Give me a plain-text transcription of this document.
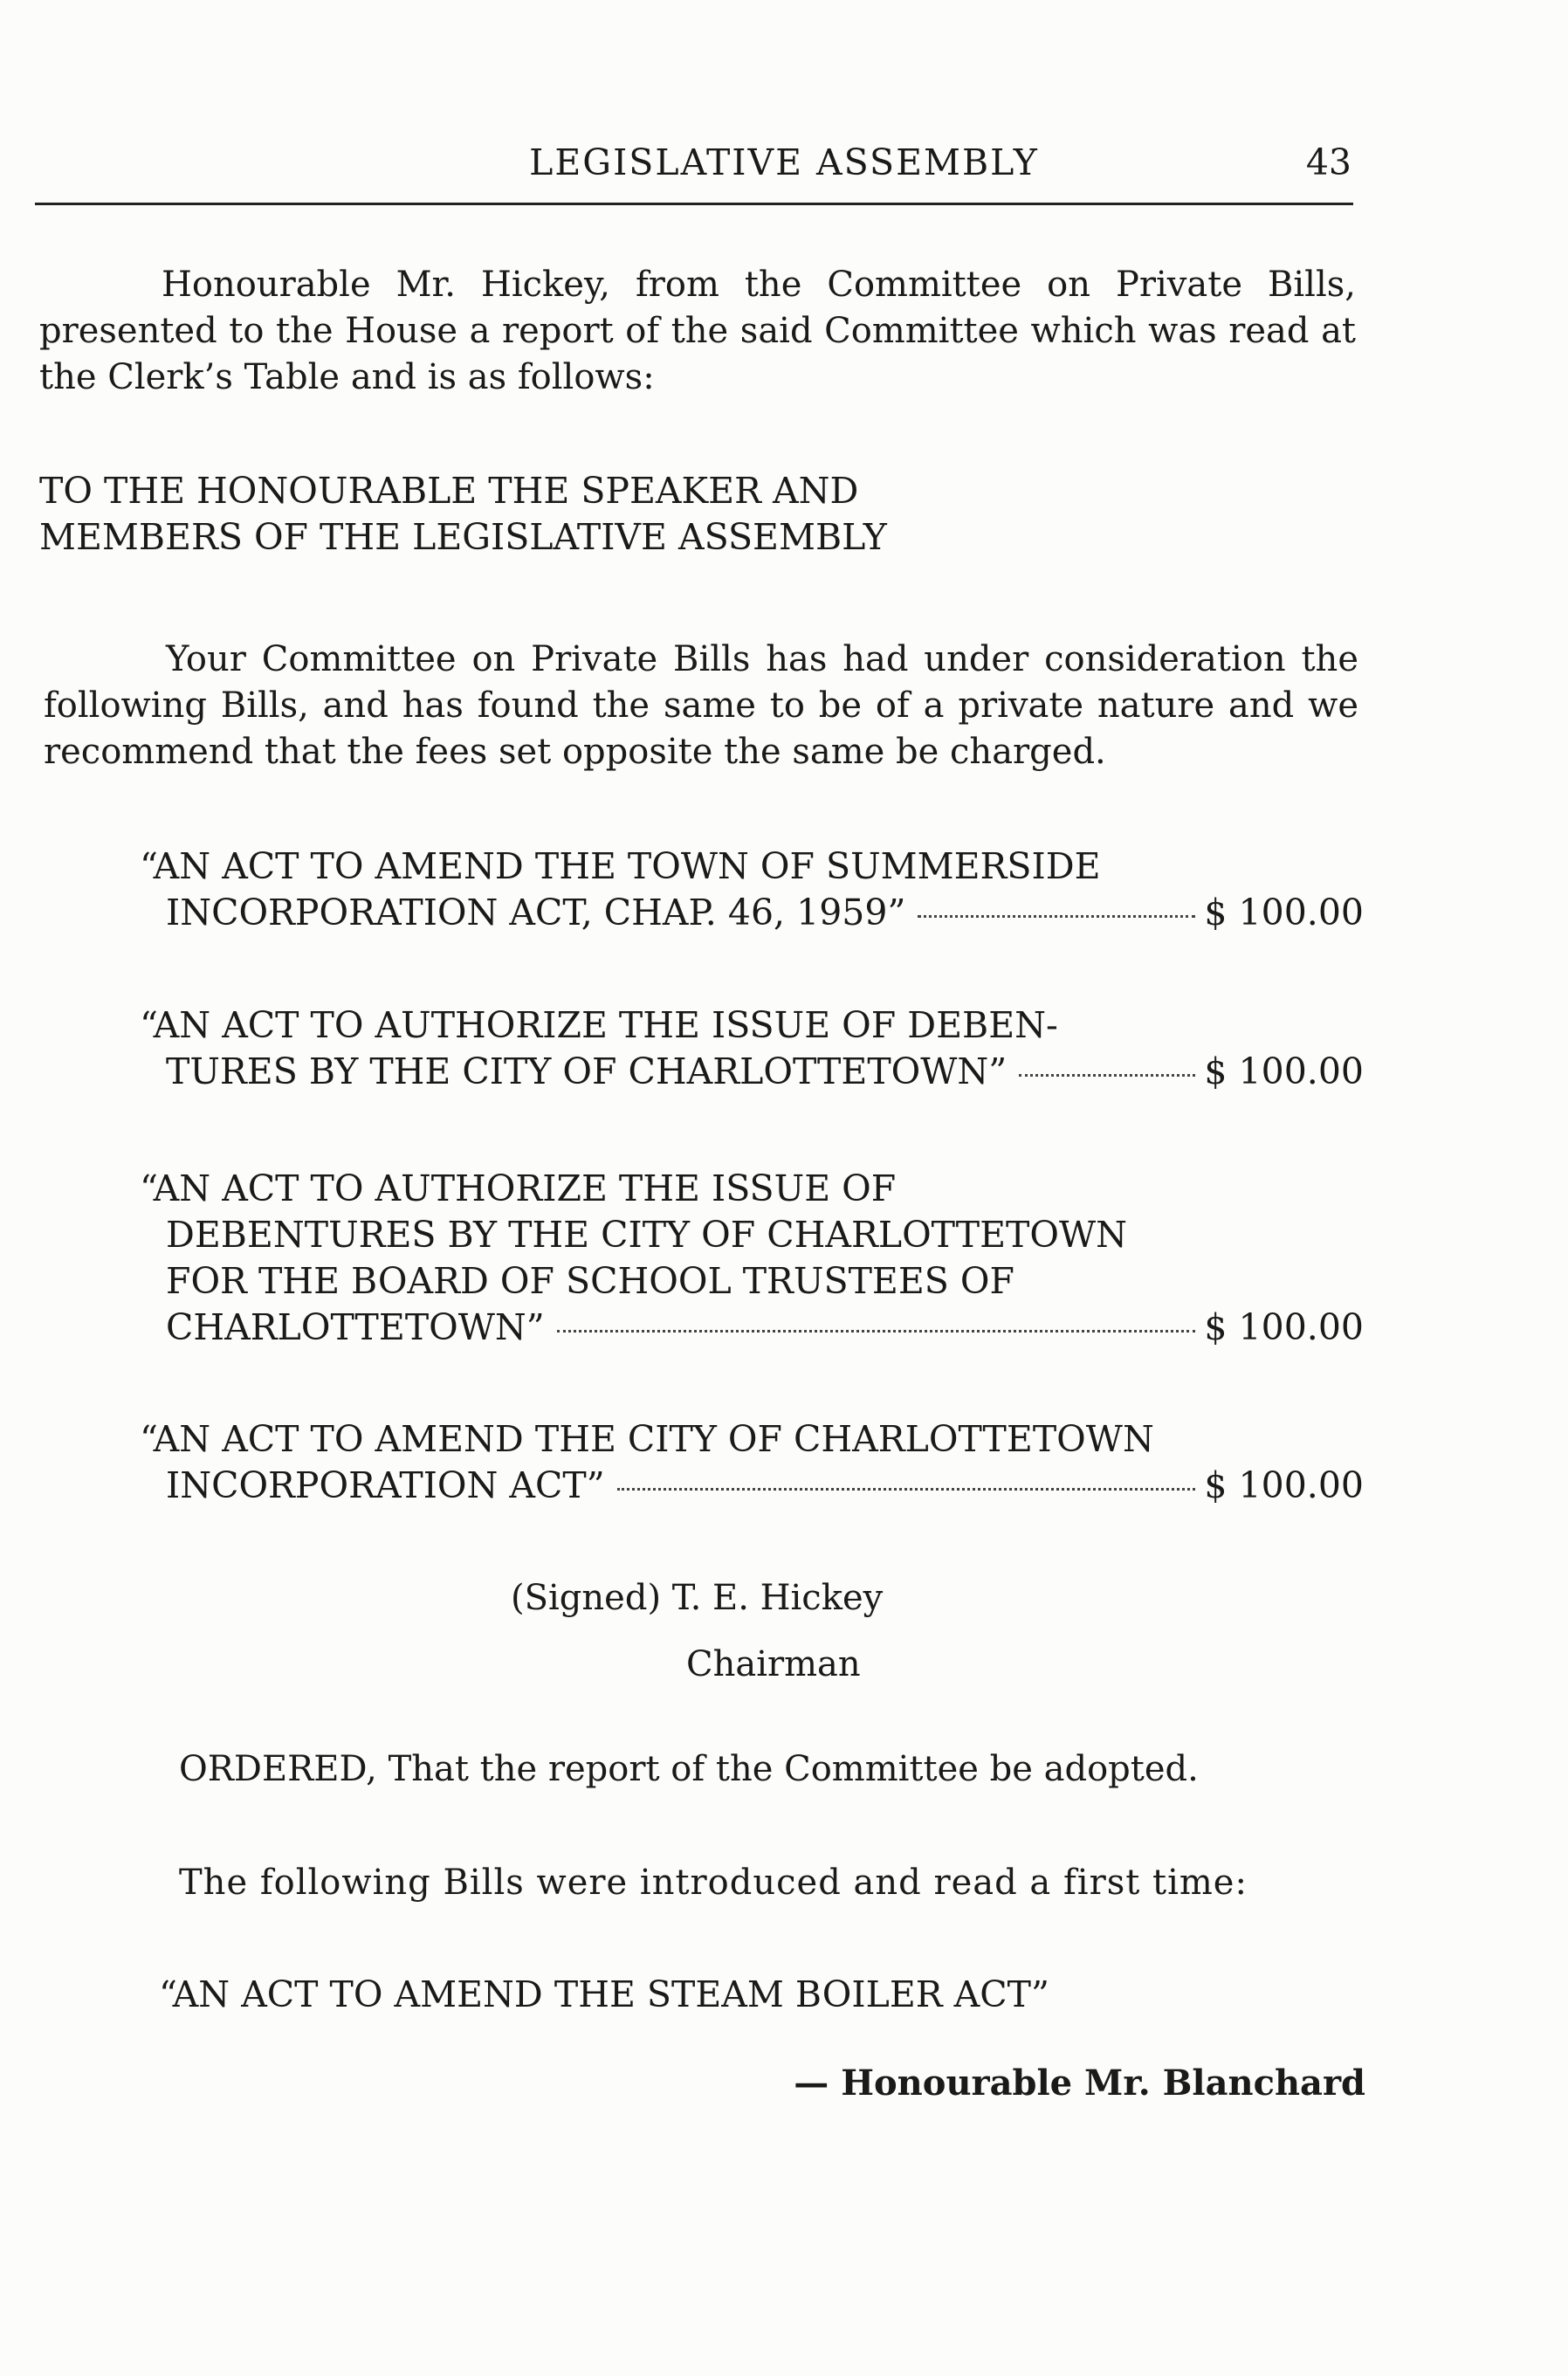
LEGISLATIVE ASSEMBLY	43
Honourable Mr. Hickey, from the Committee on Private Bills, presented to the House a report of the said Committee which was read at the Clerk’s Table and is as follows:
TO THE HONOURABLE THE SPEAKER AND
MEMBERS OF THE LEGISLATIVE ASSEMBLY
Your Committee on Private Bills has had under consideration the following Bills, and has found the same to be of a private nature and we recommend that the fees set opposite the same be charged.
“AN ACT TO AMEND THE TOWN OF SUMMERSIDE
INCORPORATION ACT, CHAP. 46, 1959”	$ 100.00
“AN ACT TO AUTHORIZE THE ISSUE OF DEBEN-
TURES BY THE CITY OF CHARLOTTETOWN”	$ 100.00
“AN ACT TO AUTHORIZE THE ISSUE OF
DEBENTURES BY THE CITY OF CHARLOTTETOWN
FOR THE BOARD OF SCHOOL TRUSTEES OF
CHARLOTTETOWN”	$ 100.00
“AN ACT TO AMEND THE CITY OF CHARLOTTETOWN
INCORPORATION ACT”	$ 100.00
(Signed) T. E. Hickey
Chairman
ORDERED, That the report of the Committee be adopted.
The following Bills were introduced and read a first time:
“AN ACT TO AMEND THE STEAM BOILER ACT”
— Honourable Mr. Blanchard
